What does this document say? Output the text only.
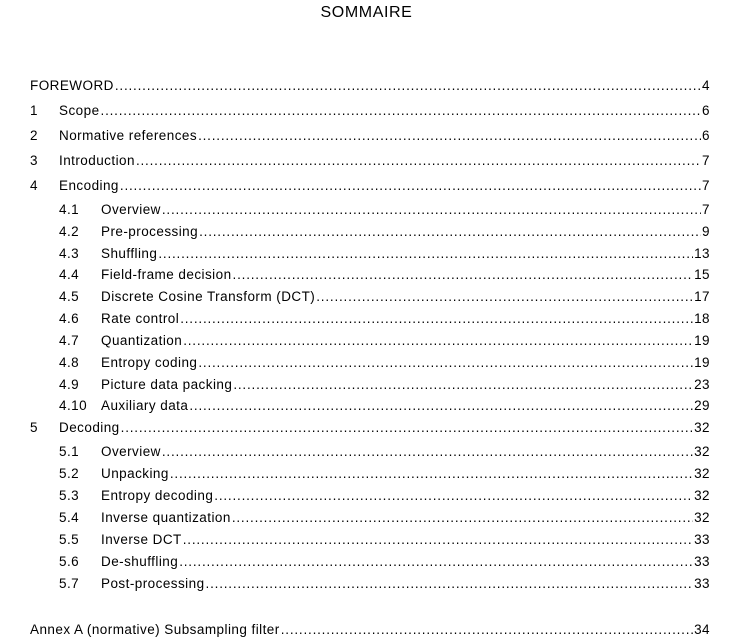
SOMMAIRE
FOREWORD .....	4
1	Scope .....	6
2	Normative references .....	6
3	Introduction .....	7
4	Encoding .....	7
4.1	Overview .....	7
4.2	Pre-processing .....	9
4.3	Shuffling .....	13
4.4	Field-frame decision .....	15
4.5	Discrete Cosine Transform (DCT) .....	17
4.6	Rate control .....	18
4.7	Quantization .....	19
4.8	Entropy coding .....	19
4.9	Picture data packing .....	23
4.10	Auxiliary data .....	29
5	Decoding .....	32
5.1	Overview .....	32
5.2	Unpacking .....	32
5.3	Entropy decoding .....	32
5.4	Inverse quantization .....	32
5.5	Inverse DCT .....	33
5.6	De-shuffling .....	33
5.7	Post-processing .....	33
Annex A (normative) Subsampling filter .....	34
